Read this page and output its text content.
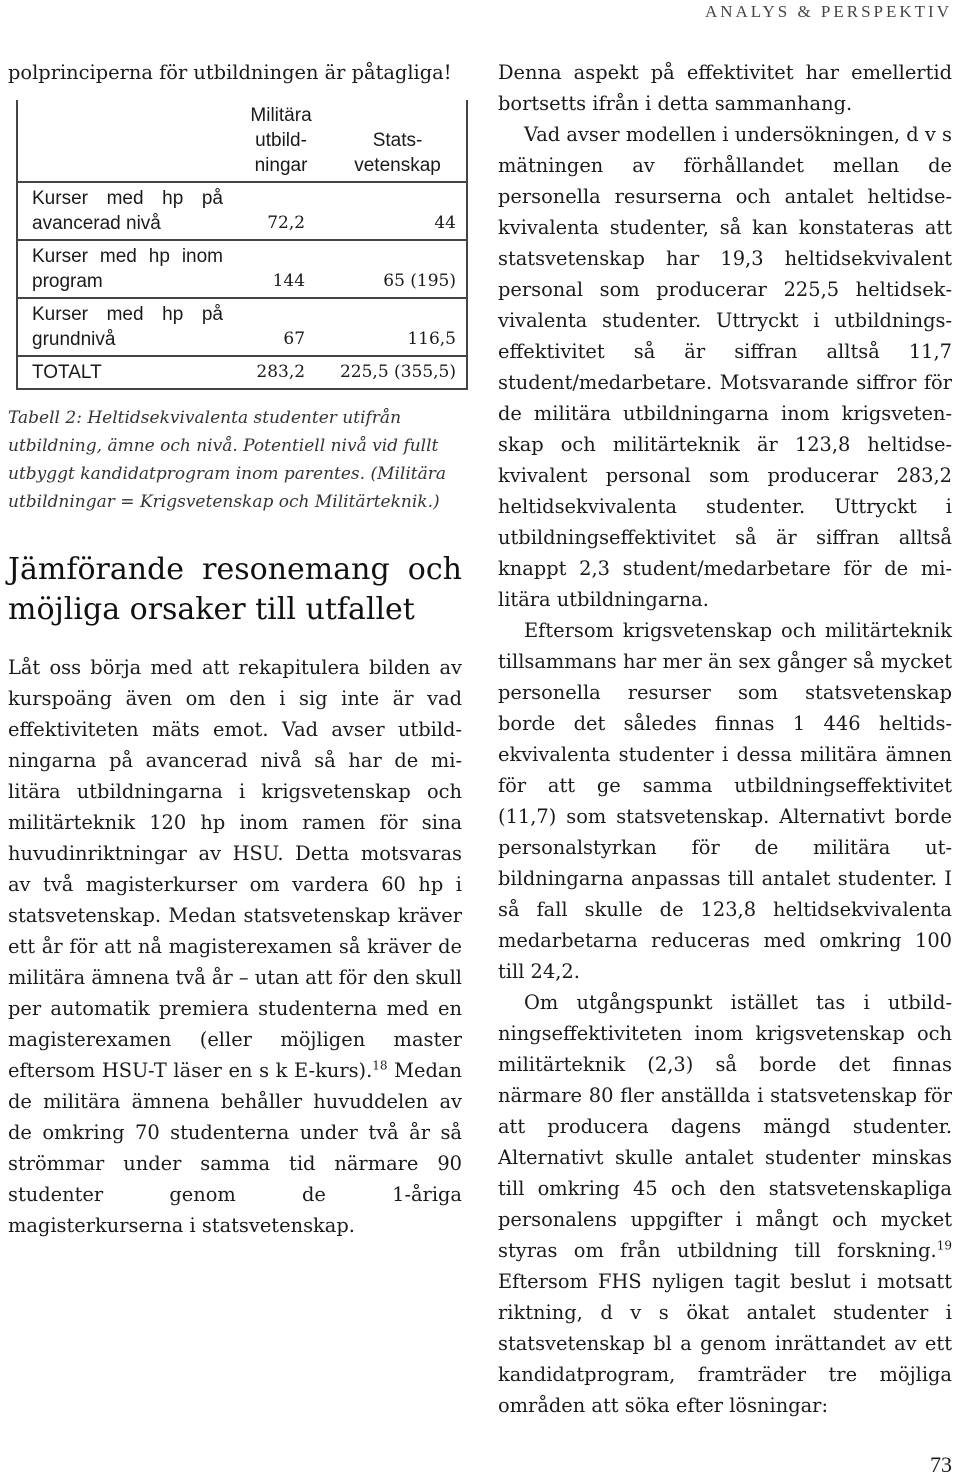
ANALYS & PERSPEKTIV

polprinciperna för utbildningen är påtagliga!

	Militära utbildningar	Statsvetenskap
Kurser med hp på avancerad nivå	72,2	44
Kurser med hp inom program	144	65 (195)
Kurser med hp på grundnivå	67	116,5
TOTALT	283,2	225,5 (355,5)

Tabell 2: Heltidsekvivalenta studenter utifrån utbildning, ämne och nivå. Potentiell nivå vid fullt utbyggt kandidatprogram inom parentes. (Militära utbildningar = Krigsvetenskap och Militärteknik.)

Jämförande resonemang och möjliga orsaker till utfallet

Låt oss börja med att rekapitulera bilden av kurspoäng även om den i sig inte är vad effektiviteten mäts emot. Vad avser utbildningarna på avancerad nivå så har de militära utbildningarna i krigsvetenskap och militärteknik 120 hp inom ramen för sina huvudinriktningar av HSU. Detta motsvaras av två magisterkurser om vardera 60 hp i statsvetenskap. Medan statsvetenskap kräver ett år för att nå magisterexamen så kräver de militära ämnena två år – utan att för den skull per automatik premiera studenterna med en magisterexamen (eller möjligen master eftersom HSU-T läser en s k E-kurs).$^{18}$ Medan de militära ämnena behåller huvuddelen av de omkring 70 studenterna under två år så strömmar under samma tid närmare 90 studenter genom de 1-åriga magisterkurserna i statsvetenskap.

Denna aspekt på effektivitet har emellertid bortsetts ifrån i detta sammanhang.

Vad avser modellen i undersökningen, d v s mätningen av förhållandet mellan de personella resurserna och antalet heltidsekvivalenta studenter, så kan konstateras att statsvetenskap har 19,3 heltidsekvivalent personal som producerar 225,5 heltidsekvivalenta studenter. Uttryckt i utbildningseffektivitet så är siffran alltså 11,7 student/medarbetare. Motsvarande siffror för de militära utbildningarna inom krigsvetenskap och militärteknik är 123,8 heltidsekvivalent personal som producerar 283,2 heltidsekvivalenta studenter. Uttryckt i utbildningseffektivitet så är siffran alltså knappt 2,3 student/medarbetare för de militära utbildningarna.

Eftersom krigsvetenskap och militärteknik tillsammans har mer än sex gånger så mycket personella resurser som statsvetenskap borde det således finnas 1 446 heltidsekvivalenta studenter i dessa militära ämnen för att ge samma utbildningseffektivitet (11,7) som statsvetenskap. Alternativt borde personalstyrkan för de militära utbildningarna anpassas till antalet studenter. I så fall skulle de 123,8 heltidsekvivalenta medarbetarna reduceras med omkring 100 till 24,2.

Om utgångspunkt istället tas i utbildningseffektiviteten inom krigsvetenskap och militärteknik (2,3) så borde det finnas närmare 80 fler anställda i statsvetenskap för att producera dagens mängd studenter. Alternativt skulle antalet studenter minskas till omkring 45 och den statsvetenskapliga personalens uppgifter i mångt och mycket styras om från utbildning till forskning.$^{19}$ Eftersom FHS nyligen tagit beslut i motsatt riktning, d v s ökat antalet studenter i statsvetenskap bl a genom inrättandet av ett kandidatprogram, framträder tre möjliga områden att söka efter lösningar:

73
